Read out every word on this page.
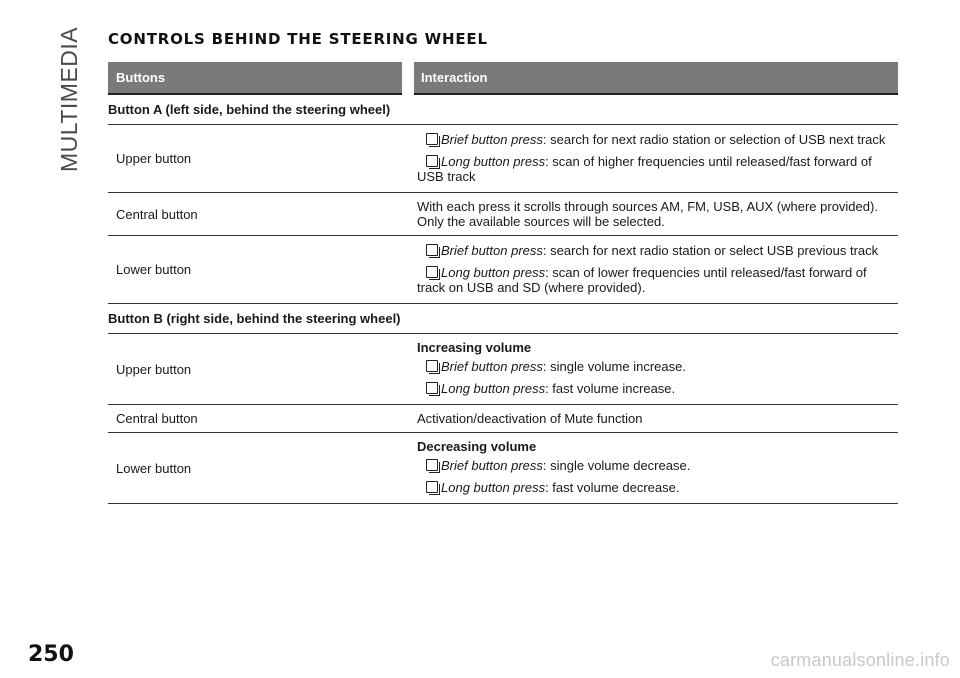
MULTIMEDIA CONTROLS BEHIND THE STEERING WHEEL
Buttons	Interaction
Button A (left side, behind the steering wheel)	
Upper button	Brief button press: search for next radio station or selection of USB next track
Long button press: scan of higher frequencies until released/fast forward of USB track

Central button	With each press it scrolls through sources AM, FM, USB, AUX (where provided). Only the available sources will be selected.
Lower button	Brief button press: search for next radio station or select USB previous track
Long button press: scan of lower frequencies until released/fast forward of track on USB and SD (where provided).

Button B (right side, behind the steering wheel)	
Upper button	Increasing volume
Brief button press: single volume increase.
Long button press: fast volume increase.

Central button	Activation/deactivation of Mute function
Lower button	Decreasing volume
Brief button press: single volume decrease.
Long button press: fast volume decrease.
250	carmanualsonline.info
